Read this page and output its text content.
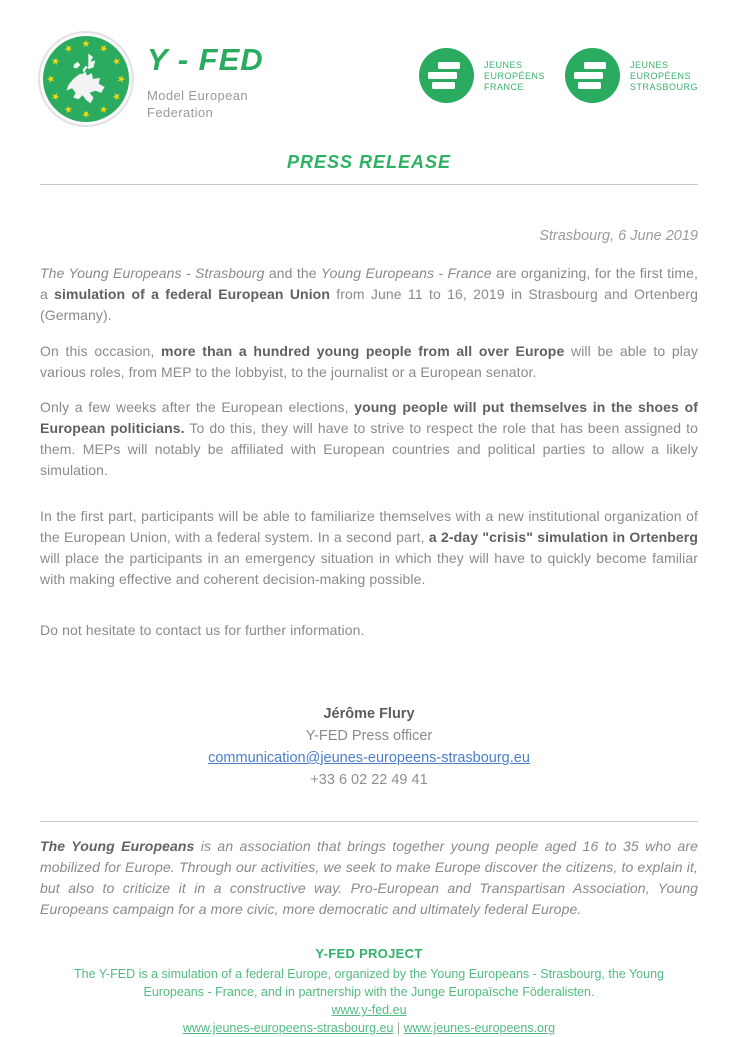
★
★
★
★
★
★
★
★
★
★
★
★
Y - FED
Model European
Federation
JEUNES
EUROPÉENS
FRANCE
JEUNES
EUROPÉENS
STRASBOURG
PRESS RELEASE
Strasbourg, 6 June 2019

The Young Europeans - Strasbourg and the Young Europeans - France are organizing, for the first time, a simulation of a federal European Union from June 11 to 16, 2019 in Strasbourg and Ortenberg (Germany).

On this occasion, more than a hundred young people from all over Europe will be able to play various roles, from MEP to the lobbyist, to the journalist or a European senator.

Only a few weeks after the European elections, young people will put themselves in the shoes of European politicians. To do this, they will have to strive to respect the role that has been assigned to them. MEPs will notably be affiliated with European countries and political parties to allow a likely simulation.

In the first part, participants will be able to familiarize themselves with a new institutional organization of the European Union, with a federal system. In a second part, a 2-day "crisis" simulation in Ortenberg will place the participants in an emergency situation in which they will have to quickly become familiar with making effective and coherent decision-making possible.

Do not hesitate to contact us for further information.

Jérôme Flury
Y-FED Press officer
communication@jeunes-europeens-strasbourg.eu
+33 6 02 22 49 41

The Young Europeans is an association that brings together young people aged 16 to 35 who are mobilized for Europe. Through our activities, we seek to make Europe discover the citizens, to explain it, but also to criticize it in a constructive way. Pro-European and Transpartisan Association, Young Europeans campaign for a more civic, more democratic and ultimately federal Europe.

Y-FED PROJECT
The Y-FED is a simulation of a federal Europe, organized by the Young Europeans - Strasbourg, the Young Europeans - France, and in partnership with the Junge Europaïsche Föderalisten.
www.y-fed.eu
www.jeunes-europeens-strasbourg.eu | www.jeunes-europeens.org
